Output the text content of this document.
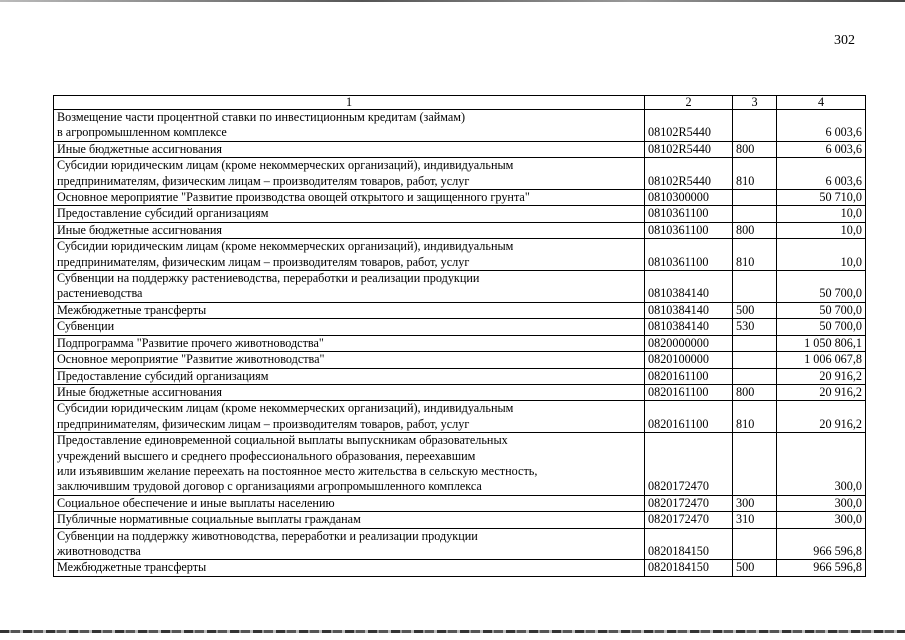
302
1	2	3	4
Возмещение части процентной ставки по инвестиционным кредитам (займам)
в агропромышленном комплексе	08102R5440		6 003,6
Иные бюджетные ассигнования	08102R5440	800	6 003,6
Субсидии юридическим лицам (кроме некоммерческих организаций), индивидуальным
предпринимателям, физическим лицам – производителям товаров, работ, услуг	08102R5440	810	6 003,6
Основное мероприятие "Развитие производства овощей открытого и защищенного грунта"	0810300000		50 710,0
Предоставление субсидий организациям	0810361100		10,0
Иные бюджетные ассигнования	0810361100	800	10,0
Субсидии юридическим лицам (кроме некоммерческих организаций), индивидуальным
предпринимателям, физическим лицам – производителям товаров, работ, услуг	0810361100	810	10,0
Субвенции на поддержку растениеводства, переработки и реализации продукции
растениеводства	0810384140		50 700,0
Межбюджетные трансферты	0810384140	500	50 700,0
Субвенции	0810384140	530	50 700,0
Подпрограмма "Развитие прочего животноводства"	0820000000		1 050 806,1
Основное мероприятие "Развитие животноводства"	0820100000		1 006 067,8
Предоставление субсидий организациям	0820161100		20 916,2
Иные бюджетные ассигнования	0820161100	800	20 916,2
Субсидии юридическим лицам (кроме некоммерческих организаций), индивидуальным
предпринимателям, физическим лицам – производителям товаров, работ, услуг	0820161100	810	20 916,2
Предоставление единовременной социальной выплаты выпускникам образовательных
учреждений высшего и среднего профессионального образования, переехавшим
или изъявившим желание переехать на постоянное место жительства в сельскую местность,
заключившим трудовой договор с организациями агропромышленного комплекса	0820172470		300,0
Социальное обеспечение и иные выплаты населению	0820172470	300	300,0
Публичные нормативные социальные выплаты гражданам	0820172470	310	300,0
Субвенции на поддержку животноводства, переработки и реализации продукции
животноводства	0820184150		966 596,8
Межбюджетные трансферты	0820184150	500	966 596,8
